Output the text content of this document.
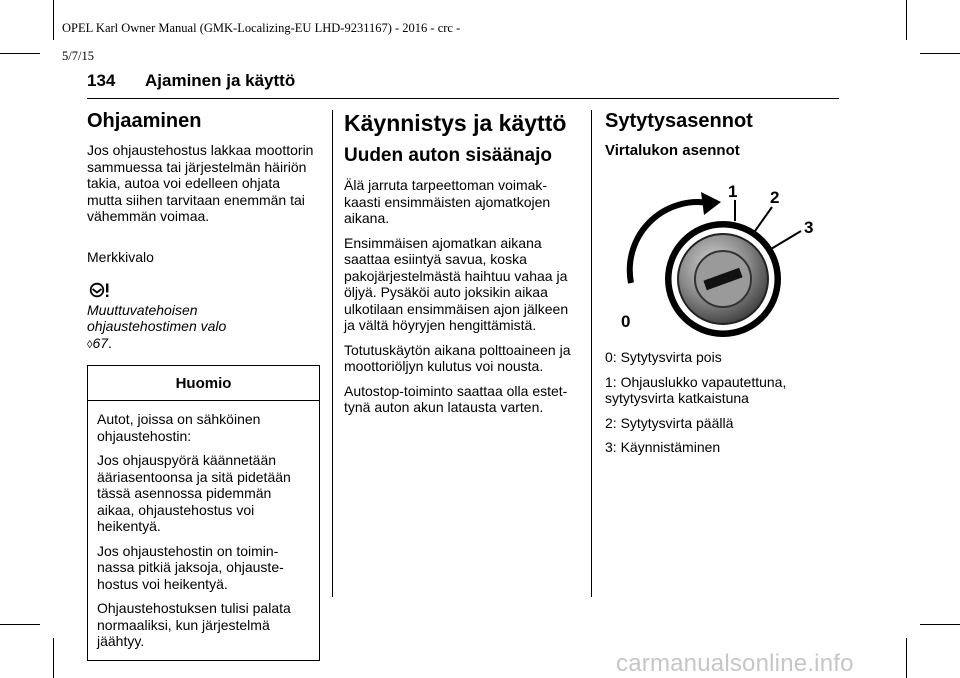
OPEL Karl Owner Manual (GMK-Localizing-EU LHD-9231167) - 2016 - crc -

5/7/15

134 Ajaminen ja käyttö
Ohjaaminen

Jos ohjaustehostus lakkaa moottorin
sammuessa tai järjestelmän häiriön
takia, autoa voi edelleen ohjata
mutta siihen tarvitaan enemmän tai
vähemmän voimaa.

Merkkivalo

Muuttuvatehoisen
ohjaustehostimen valo
◊67.

Huomio

Autot, joissa on sähköinen
ohjaustehostin:

Jos ohjauspyörä käännetään
ääriasentoonsa ja sitä pidetään
tässä asennossa pidemmän
aikaa, ohjaustehostus voi
heikentyä.

Jos ohjaustehostin on toimin-
nassa pitkiä jaksoja, ohjauste-
hostus voi heikentyä.

Ohjaustehostuksen tulisi palata
normaaliksi, kun järjestelmä
jäähtyy.

Käynnistys ja käyttö
Uuden auton sisäänajo

Älä jarruta tarpeettoman voimak-
kaasti ensimmäisten ajomatkojen
aikana.

Ensimmäisen ajomatkan aikana
saattaa esiintyä savua, koska
pakojärjestelmästä haihtuu vahaa ja
öljyä. Pysäköi auto joksikin aikaa
ulkotilaan ensimmäisen ajon jälkeen
ja vältä höyryjen hengittämistä.

Totutuskäytön aikana polttoaineen ja
moottoriöljyn kulutus voi nousta.

Autostop-toiminto saattaa olla estet-
tynä auton akun latausta varten.

Sytytysasennot
Virtalukon asennot
0
1 2
3

0: Sytytysvirta pois

1: Ohjauslukko vapautettuna,
sytytysvirta katkaistuna

2: Sytytysvirta päällä

3: Käynnistäminen

carmanualsonline.info
